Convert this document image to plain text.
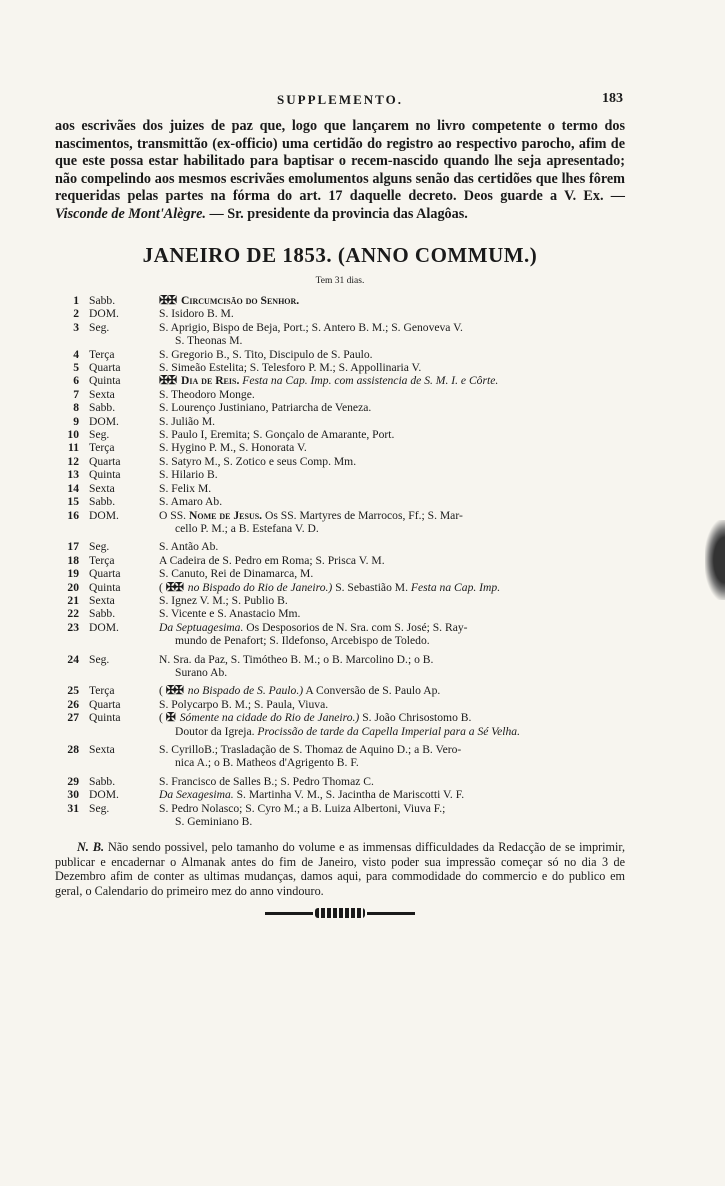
SUPPLEMENTO.	183
aos escrivães dos juizes de paz que, logo que lançarem no livro competente o termo dos nascimentos, transmittão (ex-officio) uma certidão do registro ao respectivo parocho, afim de que este possa estar habilitado para baptisar o recem-nascido quando lhe seja apresentado; não compelindo aos mesmos escrivães emolumentos alguns senão das certidões que lhes fôrem requeridas pelas partes na fórma do art. 17 daquelle decreto. Deos guarde a V. Ex. — Visconde de Mont'Alègre. — Sr. presidente da provincia das Alagôas.
JANEIRO DE 1853. (ANNO COMMUM.)
Tem 31 dias.
1 Sabb.	✠✠ Circumcisão do Senhor.
2 DOM.	S. Isidoro B. M.
3 Seg.	S. Aprigio, Bispo de Beja, Port.; S. Antero B. M.; S. Genoveva V.
S. Theonas M.
4 Terça	S. Gregorio B., S. Tito, Discipulo de S. Paulo.
5 Quarta	S. Simeão Estelita; S. Telesforo P. M.; S. Appollinaria V.
6 Quinta	✠✠ Dia de Reis. Festa na Cap. Imp. com assistencia de S. M. I. e Côrte.
7 Sexta	S. Theodoro Monge.
8 Sabb.	S. Lourenço Justiniano, Patriarcha de Veneza.
9 DOM.	S. Julião M.
10 Seg.	S. Paulo I, Eremita; S. Gonçalo de Amarante, Port.
11 Terça	S. Hygino P. M., S. Honorata V.
12 Quarta	S. Satyro M., S. Zotico e seus Comp. Mm.
13 Quinta	S. Hilario B.
14 Sexta	S. Felix M.
15 Sabb.	S. Amaro Ab.
16 DOM.	O SS. Nome de Jesus. Os SS. Martyres de Marrocos, Ff.; S. Mar-
cello P. M.; a B. Estefana V. D.
17 Seg.	S. Antão Ab.
18 Terça	A Cadeira de S. Pedro em Roma; S. Prisca V. M.
19 Quarta	S. Canuto, Rei de Dinamarca, M.
20 Quinta	( ✠✠ no Bispado do Rio de Janeiro.) S. Sebastião M. Festa na Cap. Imp.
21 Sexta	S. Ignez V. M.; S. Publio B.
22 Sabb.	S. Vicente e S. Anastacio Mm.
23 DOM.	Da Septuagesima. Os Desposorios de N. Sra. com S. José; S. Ray-
mundo de Penafort; S. Ildefonso, Arcebispo de Toledo.
24 Seg.	N. Sra. da Paz, S. Timótheo B. M.; o B. Marcolino D.; o B.
Surano Ab.
25 Terça	( ✠✠ no Bispado de S. Paulo.) A Conversão de S. Paulo Ap.
26 Quarta	S. Polycarpo B. M.; S. Paula, Viuva.
27 Quinta	( ✠ Sómente na cidade do Rio de Janeiro.) S. João Chrisostomo B.
Doutor da Igreja. Procissão de tarde da Capella Imperial para a Sé Velha.
28 Sexta	S. CyrilloB.; Trasladação de S. Thomaz de Aquino D.; a B. Vero-
nica A.; o B. Matheos d'Agrigento B. F.
29 Sabb.	S. Francisco de Salles B.; S. Pedro Thomaz C.
30 DOM.	Da Sexagesima. S. Martinha V. M., S. Jacintha de Mariscotti V. F.
31 Seg.	S. Pedro Nolasco; S. Cyro M.; a B. Luiza Albertoni, Viuva F.;
S. Geminiano B.
N. B. Não sendo possivel, pelo tamanho do volume e as immensas difficuldades da Redacção de se imprimir, publicar e encadernar o Almanak antes do fim de Janeiro, visto poder sua impressão começar só no dia 3 de Dezembro afim de conter as ultimas mudanças, damos aqui, para commodidade do commercio e do publico em geral, o Calendario do primeiro mez do anno vindouro.
